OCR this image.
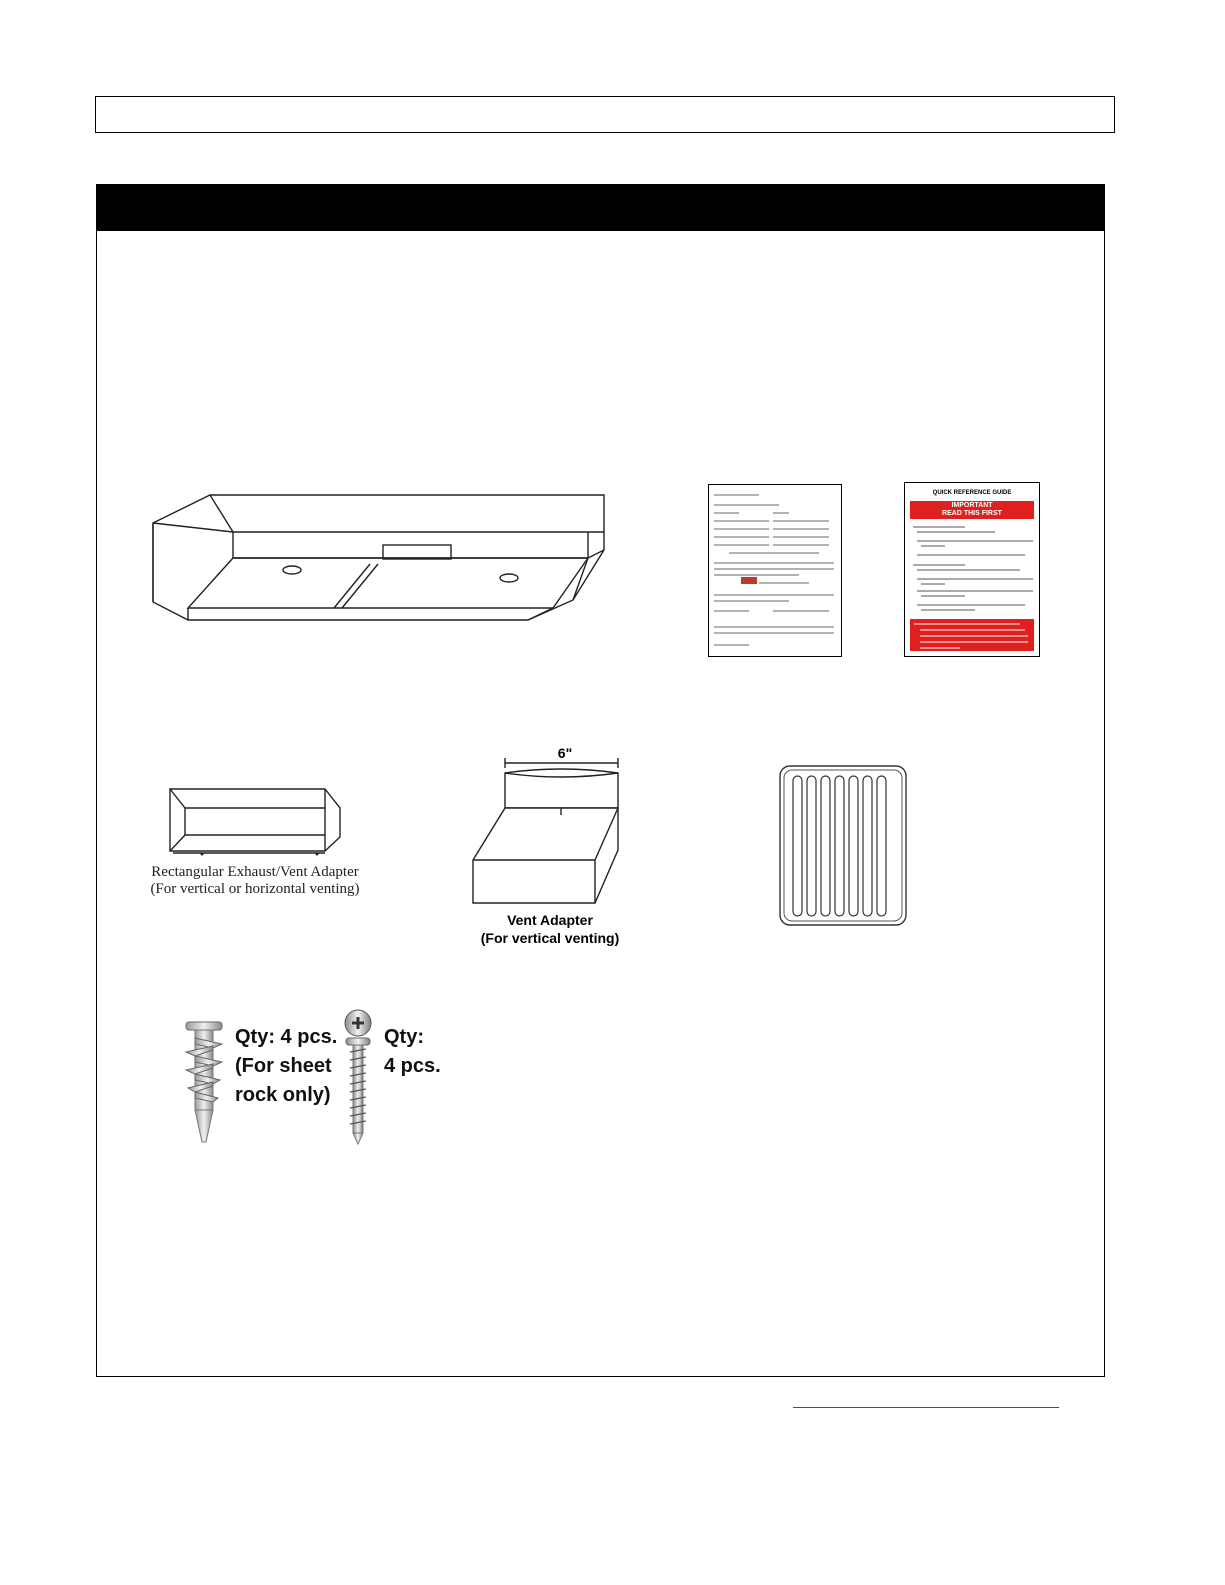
QUICK REFERENCE GUIDE
IMPORTANT
READ THIS FIRST

Rectangular Exhaust/Vent Adapter
(For vertical or horizontal venting)
6"
Vent Adapter
(For vertical venting)
Qty: 4 pcs.
(For sheet
rock only)
Qty:
4 pcs.
